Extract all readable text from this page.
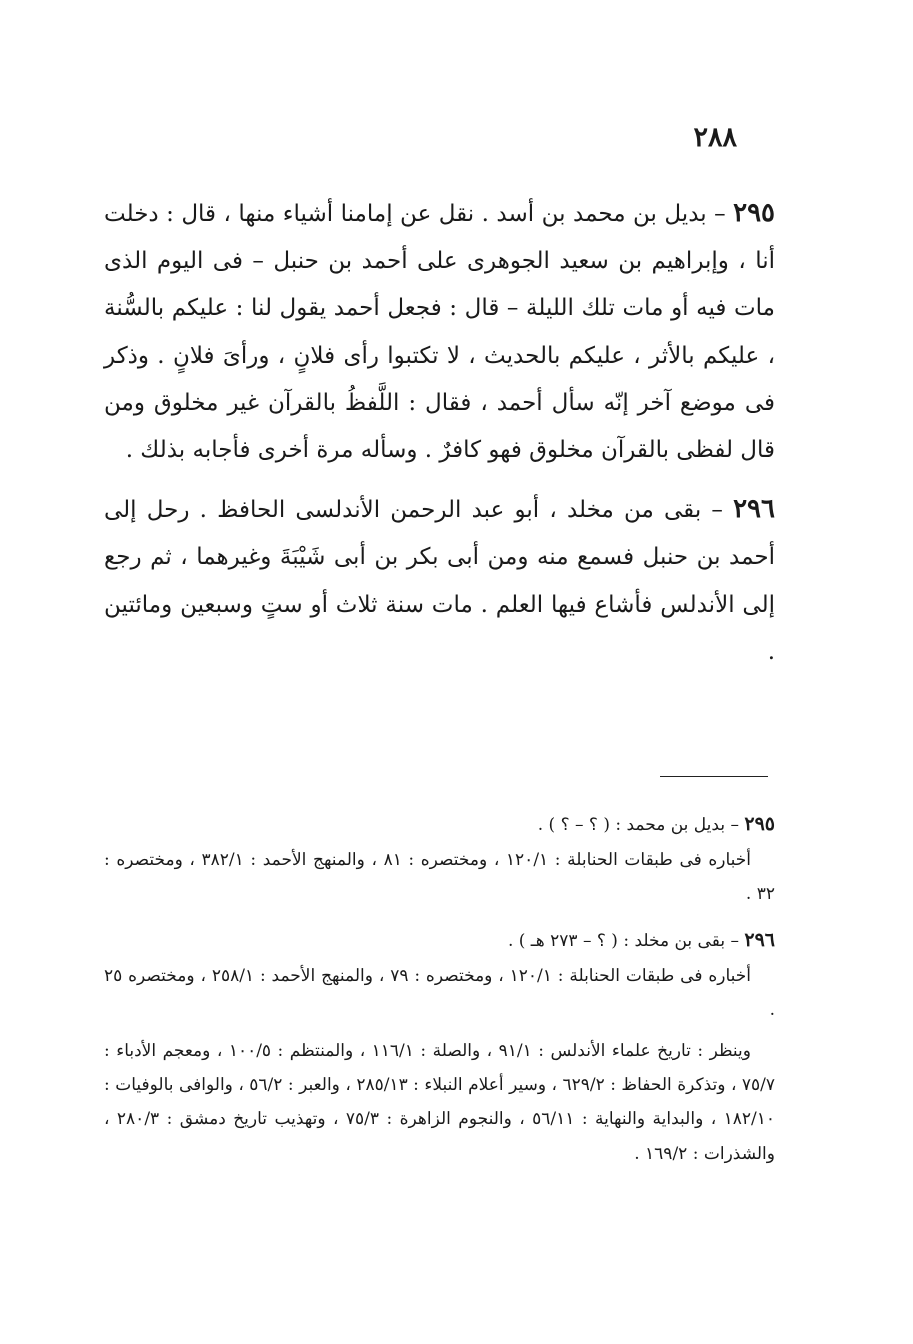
٢٨٨

٢٩٥ – بديل بن محمد بن أسد . نقل عن إمامنا أشياء منها ، قال : دخلت أنا ، وإبراهيم بن سعيد الجوهرى على أحمد بن حنبل – فى اليوم الذى مات فيه أو مات تلك الليلة – قال : فجعل أحمد يقول لنا : عليكم بالسُّنة ، عليكم بالأثر ، عليكم بالحديث ، لا تكتبوا رأى فلانٍ ، ورأىَ فلانٍ . وذكر فى موضع آخر إنّه سأل أحمد ، فقال : اللَّفظُ بالقرآن غير مخلوق ومن قال لفظى بالقرآن مخلوق فهو كافرٌ . وسأله مرة أخرى فأجابه بذلك .

٢٩٦ – بقى من مخلد ، أبو عبد الرحمن الأندلسى الحافظ . رحل إلى أحمد بن حنبل فسمع منه ومن أبى بكر بن أبى شَيْبَةَ وغيرهما ، ثم رجع إلى الأندلس فأشاع فيها العلم . مات سنة ثلاث أو ستٍ وسبعين ومائتين .

٢٩٥ – بديل بن محمد : ( ؟ – ؟ ) .
أخباره فى طبقات الحنابلة : ١٢٠/١ ، ومختصره : ٨١ ، والمنهج الأحمد : ٣٨٢/١ ، ومختصره : ٣٢ .
٢٩٦ – بقى بن مخلد : ( ؟ – ٢٧٣ هـ ) .
أخباره فى طبقات الحنابلة : ١٢٠/١ ، ومختصره : ٧٩ ، والمنهج الأحمد : ٢٥٨/١ ، ومختصره ٢٥ .
وينظر : تاريخ علماء الأندلس : ٩١/١ ، والصلة : ١١٦/١ ، والمنتظم : ١٠٠/٥ ، ومعجم الأدباء : ٧٥/٧ ، وتذكرة الحفاظ : ٦٢٩/٢ ، وسير أعلام النبلاء : ٢٨٥/١٣ ، والعبر : ٥٦/٢ ، والوافى بالوفيات : ١٨٢/١٠ ، والبداية والنهاية : ٥٦/١١ ، والنجوم الزاهرة : ٧٥/٣ ، وتهذيب تاريخ دمشق : ٢٨٠/٣ ، والشذرات : ١٦٩/٢ .
